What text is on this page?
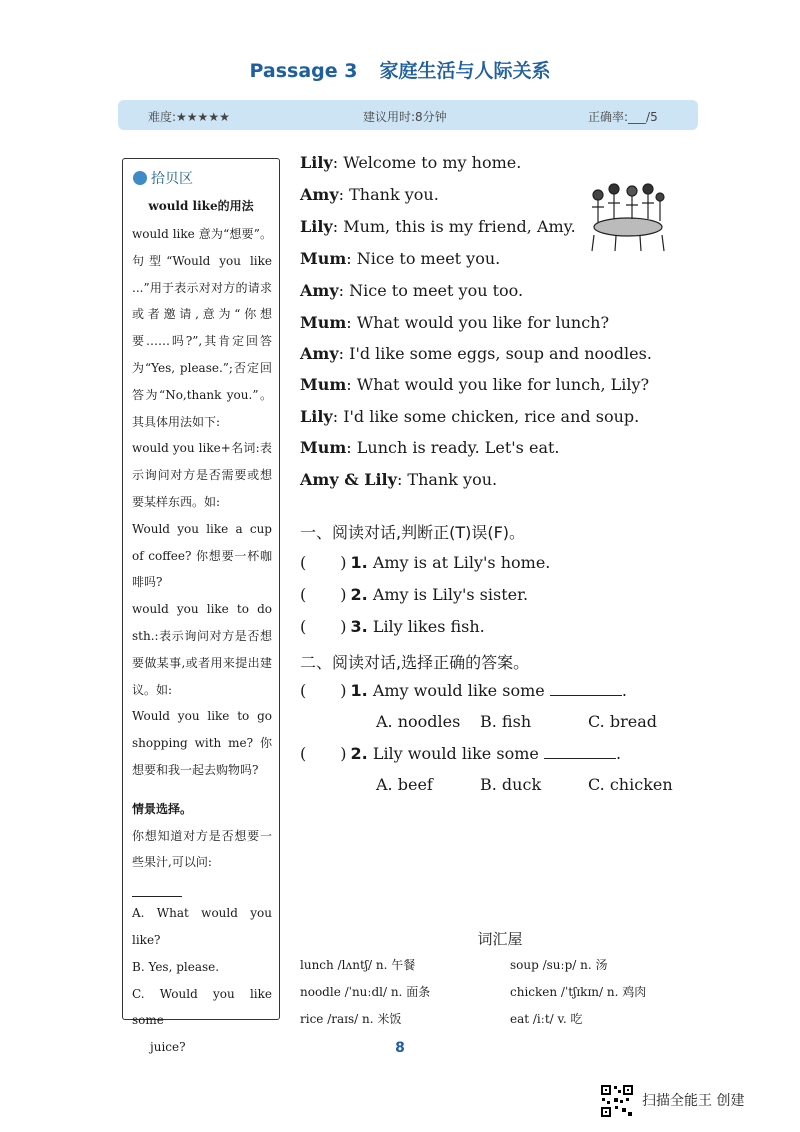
Passage 3 家庭生活与人际关系
难度:★★★★★	建议用时:8分钟	正确率:___/5
拾贝区
would like的用法

would like 意为“想要”。句型“Would you like ...”用于表示对对方的请求或者邀请,意为“你想要……吗?”,其肯定回答为“Yes, please.”;否定回答为“No,thank you.”。其具体用法如下:

would you like+名词:表示询问对方是否需要或想要某样东西。如:

Would you like a cup of coffee? 你想要一杯咖啡吗?

would you like to do sth.:表示询问对方是否想要做某事,或者用来提出建议。如:

Would you like to go shopping with me? 你想要和我一起去购物吗?

情景选择。

你想知道对方是否想要一些果汁,可以问:

A. What would you like?
B. Yes, please.
C. Would you like some
juice?
Lily: Welcome to my home.
Amy: Thank you.
Lily: Mum, this is my friend, Amy.
Mum: Nice to meet you.
Amy: Nice to meet you too.
Mum: What would you like for lunch?
Amy: I'd like some eggs, soup and noodles.
Mum: What would you like for lunch, Lily?
Lily: I'd like some chicken, rice and soup.
Mum: Lunch is ready. Let's eat.
Amy & Lily: Thank you.
一、阅读对话,判断正(T)误(F)。
( ) 1. Amy is at Lily's home.
( ) 2. Amy is Lily's sister.
( ) 3. Lily likes fish.
二、阅读对话,选择正确的答案。
( ) 1. Amy would like some	.
A. noodles B. fish	C. bread
( ) 2. Lily would like some	.
A. beef	B. duck	C. chicken
词汇屋
lunch /lʌntʃ/ n. 午餐	soup /suːp/ n. 汤
noodle /ˈnuːdl/ n. 面条	chicken /ˈtʃɪkɪn/ n. 鸡肉
rice /raɪs/ n. 米饭	eat /iːt/ v. 吃
8
扫描全能王 创建
